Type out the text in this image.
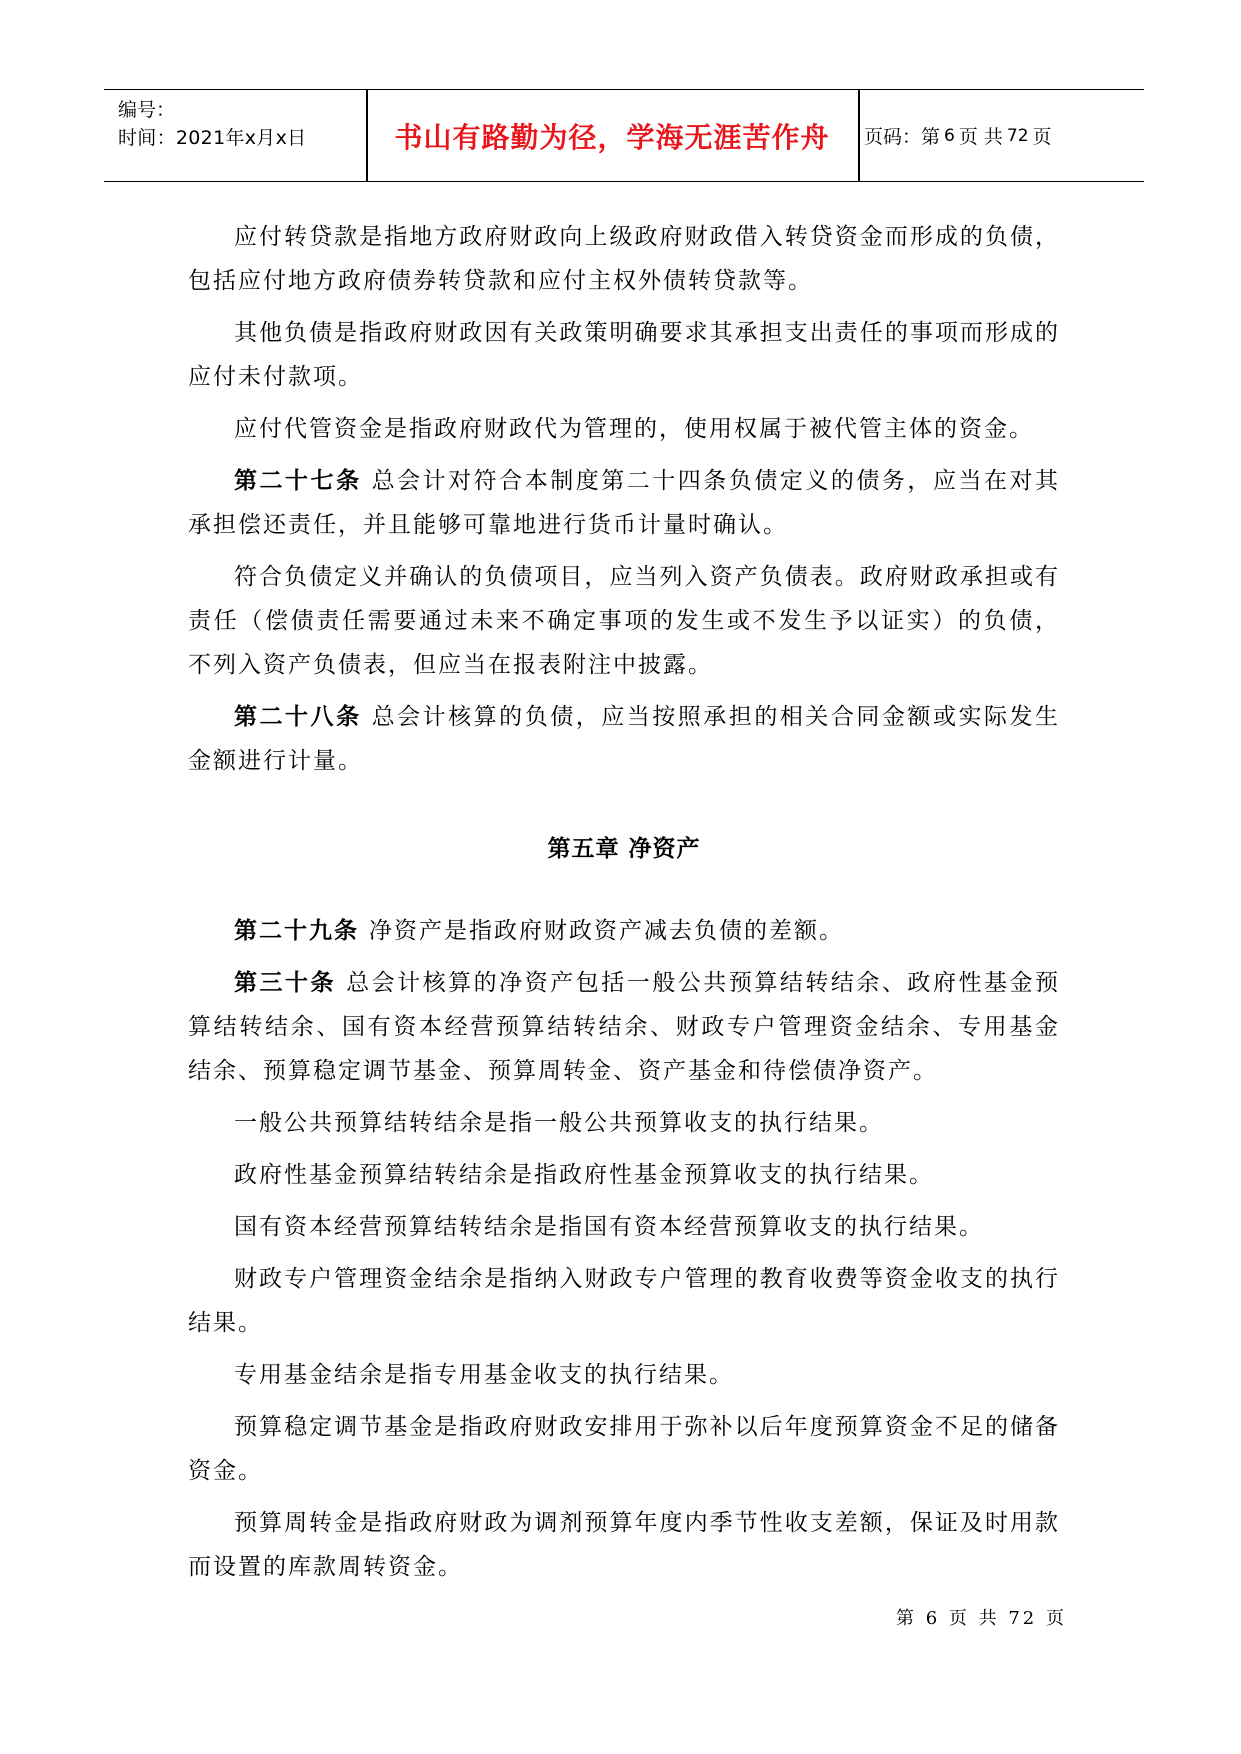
编号：
时间：2021年x月x日	书山有路勤为径，学海无涯苦作舟	页码：第 6 页 共 72 页

应付转贷款是指地方政府财政向上级政府财政借入转贷资金而形成的负债，包括应付地方政府债券转贷款和应付主权外债转贷款等。

其他负债是指政府财政因有关政策明确要求其承担支出责任的事项而形成的应付未付款项。

应付代管资金是指政府财政代为管理的，使用权属于被代管主体的资金。

第二十七条 总会计对符合本制度第二十四条负债定义的债务，应当在对其承担偿还责任，并且能够可靠地进行货币计量时确认。

符合负债定义并确认的负债项目，应当列入资产负债表。政府财政承担或有责任（偿债责任需要通过未来不确定事项的发生或不发生予以证实）的负债，不列入资产负债表，但应当在报表附注中披露。

第二十八条 总会计核算的负债，应当按照承担的相关合同金额或实际发生金额进行计量。

第五章 净资产

第二十九条 净资产是指政府财政资产减去负债的差额。

第三十条 总会计核算的净资产包括一般公共预算结转结余、政府性基金预算结转结余、国有资本经营预算结转结余、财政专户管理资金结余、专用基金结余、预算稳定调节基金、预算周转金、资产基金和待偿债净资产。

一般公共预算结转结余是指一般公共预算收支的执行结果。

政府性基金预算结转结余是指政府性基金预算收支的执行结果。

国有资本经营预算结转结余是指国有资本经营预算收支的执行结果。

财政专户管理资金结余是指纳入财政专户管理的教育收费等资金收支的执行结果。

专用基金结余是指专用基金收支的执行结果。

预算稳定调节基金是指政府财政安排用于弥补以后年度预算资金不足的储备资金。

预算周转金是指政府财政为调剂预算年度内季节性收支差额，保证及时用款而设置的库款周转资金。

第 6 页 共 72 页
